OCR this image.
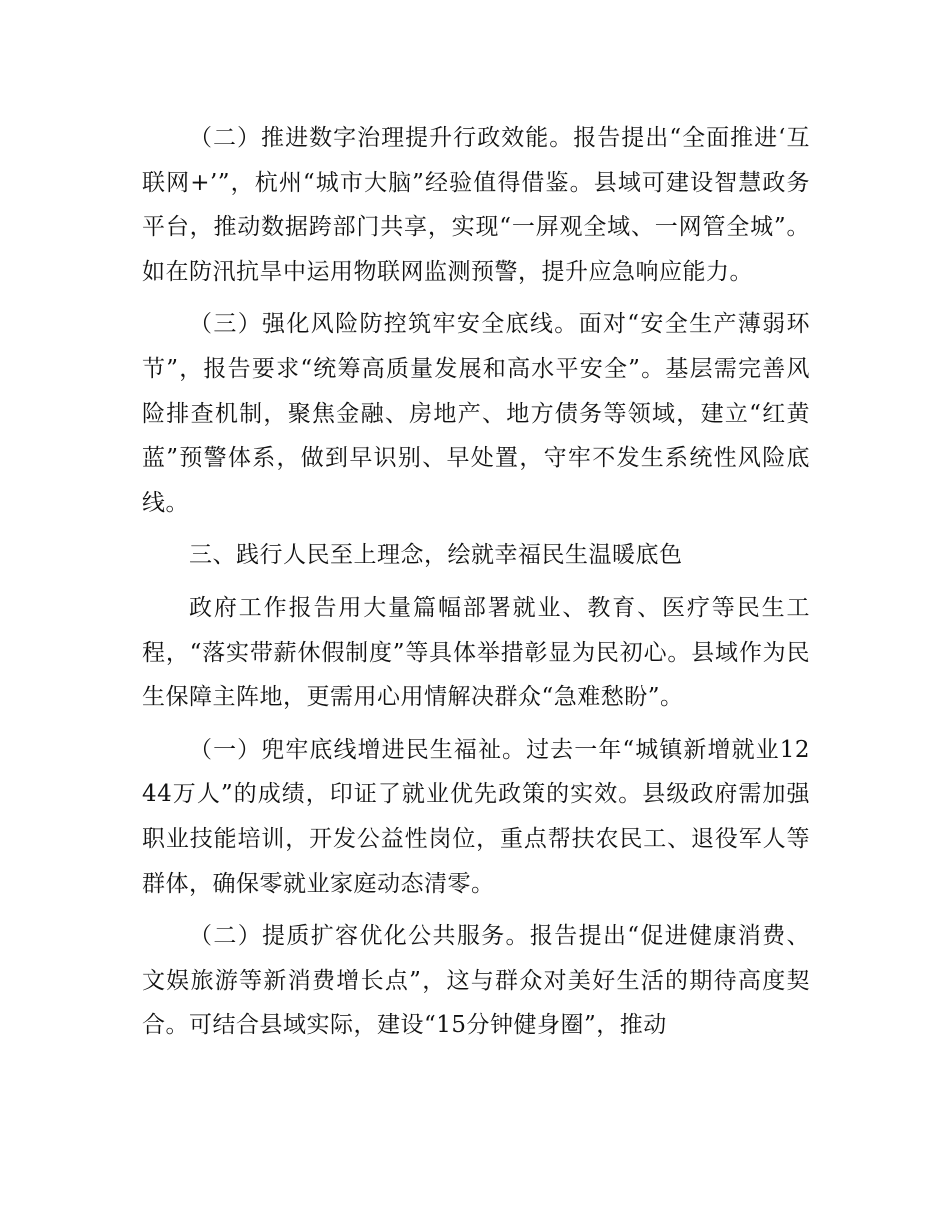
（二）推进数字治理提升行政效能。报告提出“全面推进‘互联网+’”，杭州“城市大脑”经验值得借鉴。县域可建设智慧政务平台，推动数据跨部门共享，实现“一屏观全域、一网管全城”。如在防汛抗旱中运用物联网监测预警，提升应急响应能力。

（三）强化风险防控筑牢安全底线。面对“安全生产薄弱环节”，报告要求“统筹高质量发展和高水平安全”。基层需完善风险排查机制，聚焦金融、房地产、地方债务等领域，建立“红黄蓝”预警体系，做到早识别、早处置，守牢不发生系统性风险底线。

三、践行人民至上理念，绘就幸福民生温暖底色

政府工作报告用大量篇幅部署就业、教育、医疗等民生工程，“落实带薪休假制度”等具体举措彰显为民初心。县域作为民生保障主阵地，更需用心用情解决群众“急难愁盼”。

（一）兜牢底线增进民生福祉。过去一年“城镇新增就业1244万人”的成绩，印证了就业优先政策的实效。县级政府需加强职业技能培训，开发公益性岗位，重点帮扶农民工、退役军人等群体，确保零就业家庭动态清零。

（二）提质扩容优化公共服务。报告提出“促进健康消费、文娱旅游等新消费增长点”，这与群众对美好生活的期待高度契合。可结合县域实际，建设“15分钟健身圈”，推动
